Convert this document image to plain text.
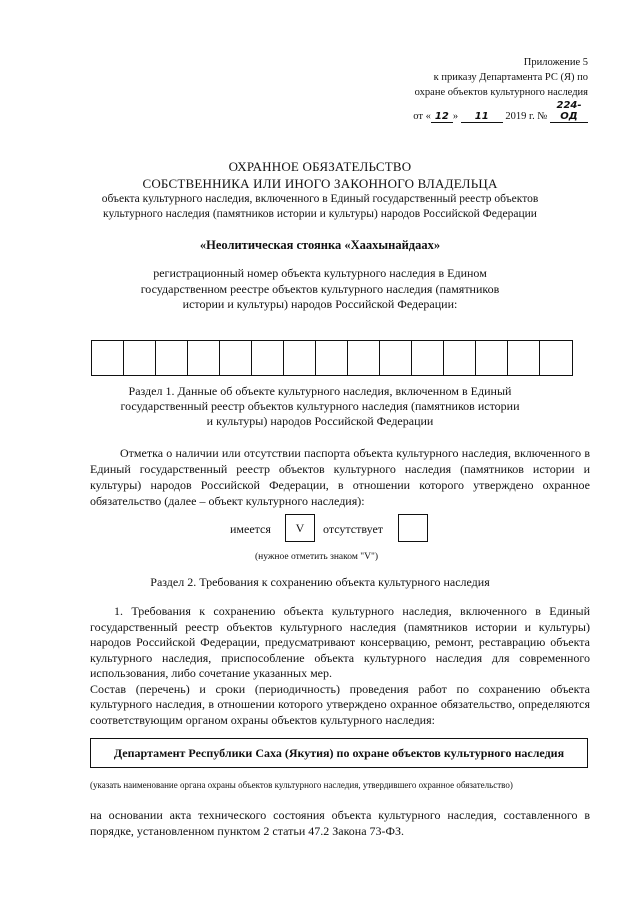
Приложение 5
к приказу Департамента РС (Я) по
охране объектов культурного наследия
от « 12 » 11 2019 г. № 224-ОД
ОХРАННОЕ ОБЯЗАТЕЛЬСТВО
СОБСТВЕННИКА ИЛИ ИНОГО ЗАКОННОГО ВЛАДЕЛЬЦА
объекта культурного наследия, включенного в Единый государственный реестр объектов
культурного наследия (памятников истории и культуры) народов Российской Федерации
«Неолитическая стоянка «Хаахынайдаах»
регистрационный номер объекта культурного наследия в Едином государственном реестре объектов культурного наследия (памятников истории и культуры) народов Российской Федерации:
Раздел 1. Данные об объекте культурного наследия, включенном в Единый государственный реестр объектов культурного наследия (памятников истории и культуры) народов Российской Федерации
Отметка о наличии или отсутствии паспорта объекта культурного наследия, включенного в Единый государственный реестр объектов культурного наследия (памятников истории и культуры) народов Российской Федерации, в отношении которого утверждено охранное обязательство (далее – объект культурного наследия):
имеется	V	отсутствует
(нужное отметить знаком "V")
Раздел 2. Требования к сохранению объекта культурного наследия

1. Требования к сохранению объекта культурного наследия, включенного в Единый государственный реестр объектов культурного наследия (памятников истории и культуры) народов Российской Федерации, предусматривают консервацию, ремонт, реставрацию объекта культурного наследия, приспособление объекта культурного наследия для современного использования, либо сочетание указанных мер.

Состав (перечень) и сроки (периодичность) проведения работ по сохранению объекта культурного наследия, в отношении которого утверждено охранное обязательство, определяются соответствующим органом охраны объектов культурного наследия:

Департамент Республики Саха (Якутия) по охране объектов культурного наследия
(указать наименование органа охраны объектов культурного наследия, утвердившего охранное обязательство)
на основании акта технического состояния объекта культурного наследия, составленного в порядке, установленном пунктом 2 статьи 47.2 Закона 73-ФЗ.
